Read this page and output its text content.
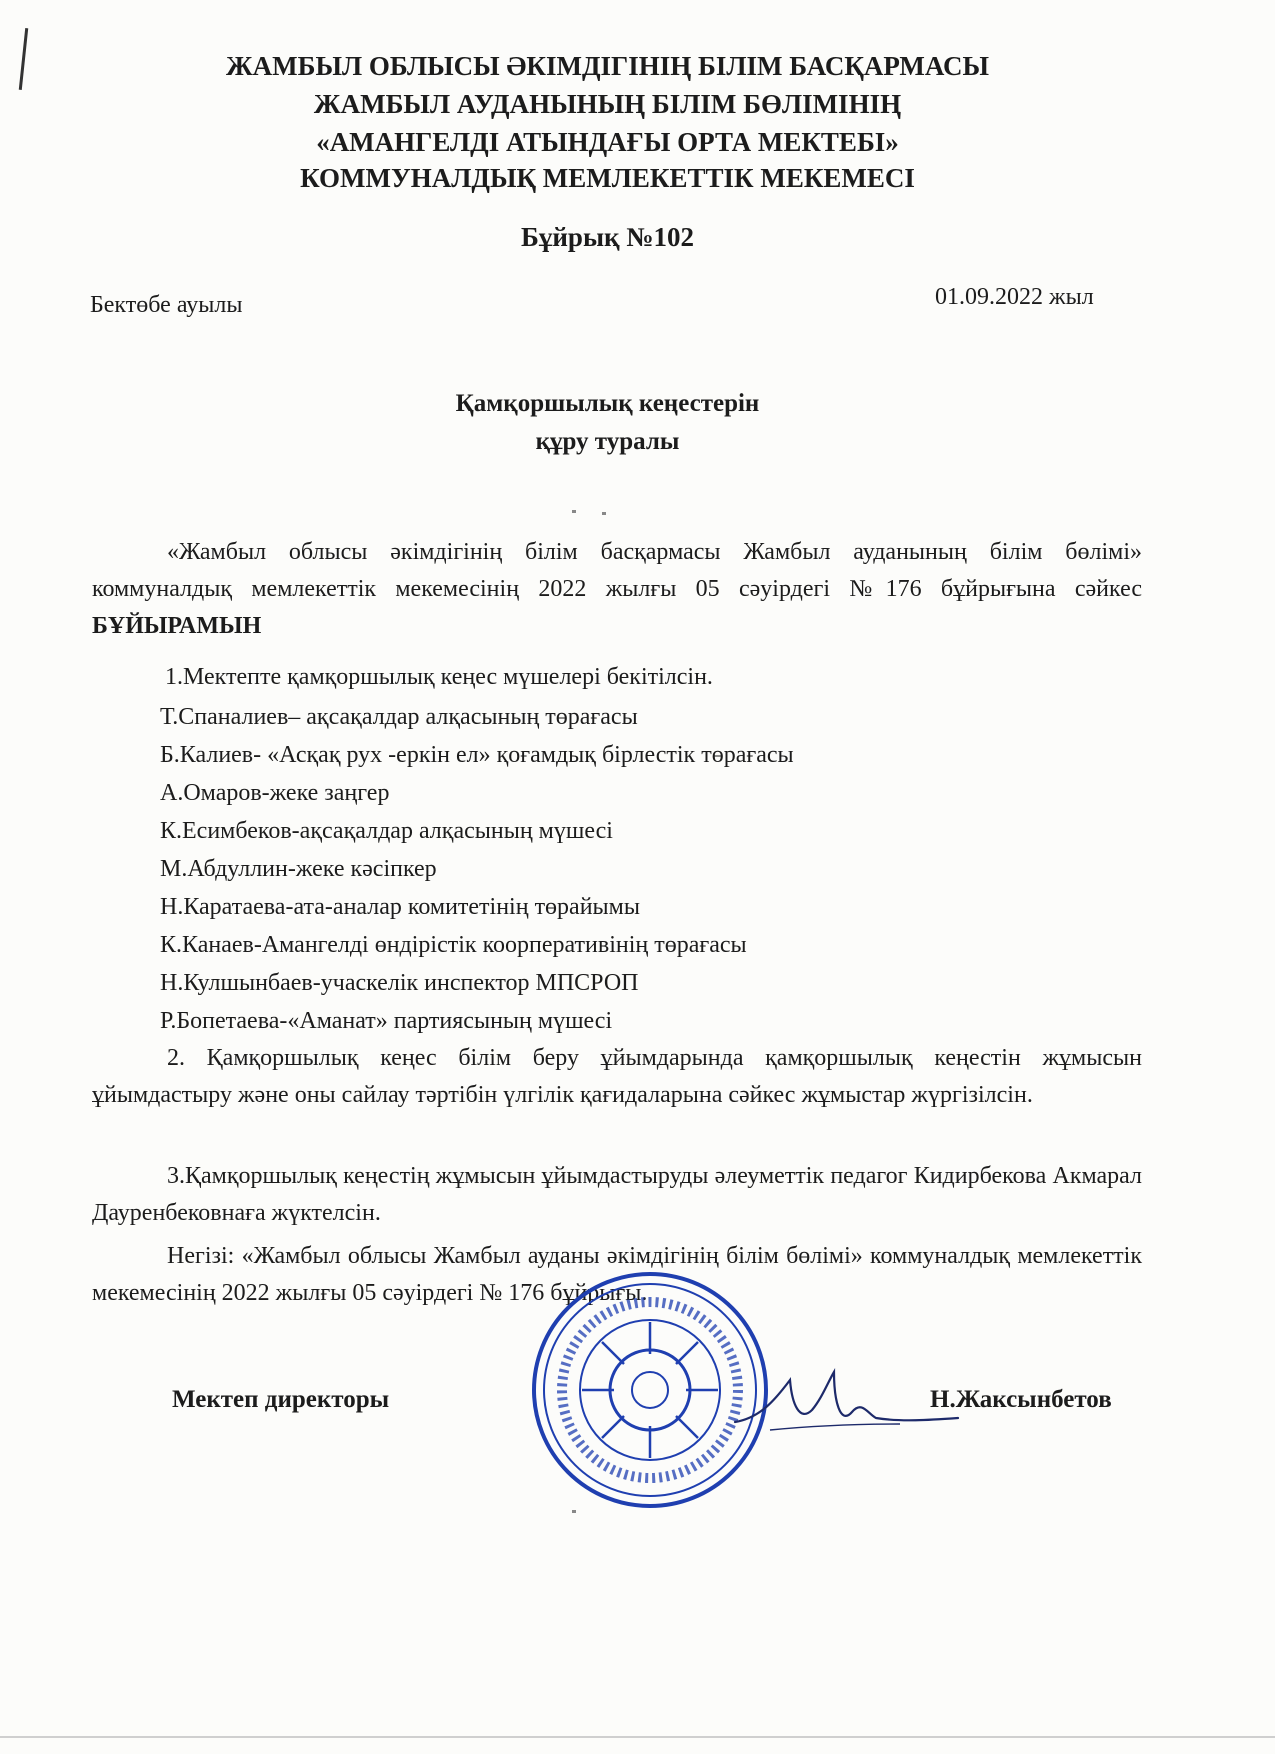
ЖАМБЫЛ ОБЛЫСЫ ӘКІМДІГІНІҢ БІЛІМ БАСҚАРМАСЫ
ЖАМБЫЛ АУДАНЫНЫҢ БІЛІМ БӨЛІМІНІҢ
«АМАНГЕЛДІ АТЫНДАҒЫ ОРТА МЕКТЕБІ»
КОММУНАЛДЫҚ МЕМЛЕКЕТТІК МЕКЕМЕСІ
Бұйрық №102
Бектөбе ауылы	01.09.2022 жыл
Қамқоршылық кеңестерін
құру туралы
«Жамбыл облысы әкімдігінің білім басқармасы Жамбыл ауданының білім бөлімі» коммуналдық мемлекеттік мекемесінің 2022 жылғы 05 сәуірдегі №176 бұйрығына сәйкес БҰЙЫРАМЫН
1.Мектепте қамқоршылық кеңес мүшелері бекітілсін.
Т.Спаналиев– ақсақалдар алқасының төрағасы
Б.Калиев- «Асқақ рух -еркін ел» қоғамдық бірлестік төрағасы
А.Омаров-жеке заңгер
К.Есимбеков-ақсақалдар алқасының мүшесі
М.Абдуллин-жеке кәсіпкер
Н.Каратаева-ата-аналар комитетінің төрайымы
К.Канаев-Амангелді өндірістік коорперативінің төрағасы
Н.Кулшынбаев-учаскелік инспектор МПСРОП
Р.Бопетаева-«Аманат» партиясының мүшесі
2. Қамқоршылық кеңес білім беру ұйымдарында қамқоршылық кеңестін жұмысын ұйымдастыру және оны сайлау тәртібін үлгілік қағидаларына сәйкес жұмыстар жүргізілсін.
3.Қамқоршылық кеңестің жұмысын ұйымдастыруды әлеуметтік педагог Кидирбекова Акмарал Дауренбековнаға жүктелсін.
Негізі: «Жамбыл облысы Жамбыл ауданы әкімдігінің білім бөлімі» коммуналдық мемлекеттік мекемесінің 2022 жылғы 05 сәуірдегі № 176 бұйрығы.
Мектеп директоры	Н.Жаксынбетов
